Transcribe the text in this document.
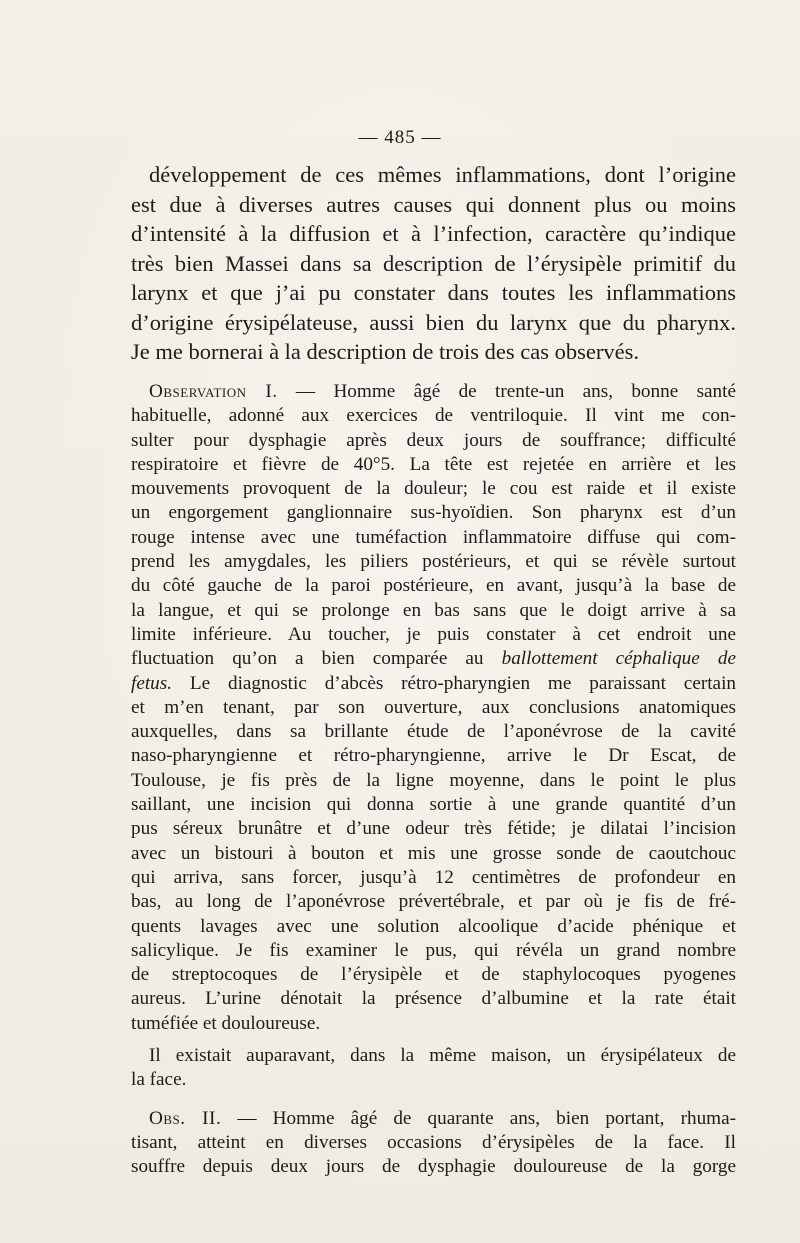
— 485 —
développement de ces mêmes inflammations, dont l’origine
est due à diverses autres causes qui donnent plus ou moins
d’intensité à la diffusion et à l’infection, caractère qu’indique
très bien Massei dans sa description de l’érysipèle primitif du
larynx et que j’ai pu constater dans toutes les inflammations
d’origine érysipélateuse, aussi bien du larynx que du pharynx.
Je me bornerai à la description de trois des cas observés.
Observation I. — Homme âgé de trente-un ans, bonne santé
habituelle, adonné aux exercices de ventriloquie. Il vint me con-
sulter pour dysphagie après deux jours de souffrance; difficulté
respiratoire et fièvre de 40°5. La tête est rejetée en arrière et les
mouvements provoquent de la douleur; le cou est raide et il existe
un engorgement ganglionnaire sus-hyoïdien. Son pharynx est d’un
rouge intense avec une tuméfaction inflammatoire diffuse qui com-
prend les amygdales, les piliers postérieurs, et qui se révèle surtout
du côté gauche de la paroi postérieure, en avant, jusqu’à la base de
la langue, et qui se prolonge en bas sans que le doigt arrive à sa
limite inférieure. Au toucher, je puis constater à cet endroit une
fluctuation qu’on a bien comparée au ballottement céphalique de
fetus. Le diagnostic d’abcès rétro-pharyngien me paraissant certain
et m’en tenant, par son ouverture, aux conclusions anatomiques
auxquelles, dans sa brillante étude de l’aponévrose de la cavité
naso-pharyngienne et rétro-pharyngienne, arrive le Dr Escat, de
Toulouse, je fis près de la ligne moyenne, dans le point le plus
saillant, une incision qui donna sortie à une grande quantité d’un
pus séreux brunâtre et d’une odeur très fétide; je dilatai l’incision
avec un bistouri à bouton et mis une grosse sonde de caoutchouc
qui arriva, sans forcer, jusqu’à 12 centimètres de profondeur en
bas, au long de l’aponévrose prévertébrale, et par où je fis de fré-
quents lavages avec une solution alcoolique d’acide phénique et
salicylique. Je fis examiner le pus, qui révéla un grand nombre
de streptocoques de l’érysipèle et de staphylocoques pyogenes
aureus. L’urine dénotait la présence d’albumine et la rate était
tuméfiée et douloureuse.
Il existait auparavant, dans la même maison, un érysipélateux de
la face.
Obs. II. — Homme âgé de quarante ans, bien portant, rhuma-
tisant, atteint en diverses occasions d’érysipèles de la face. Il
souffre depuis deux jours de dysphagie douloureuse de la gorge
